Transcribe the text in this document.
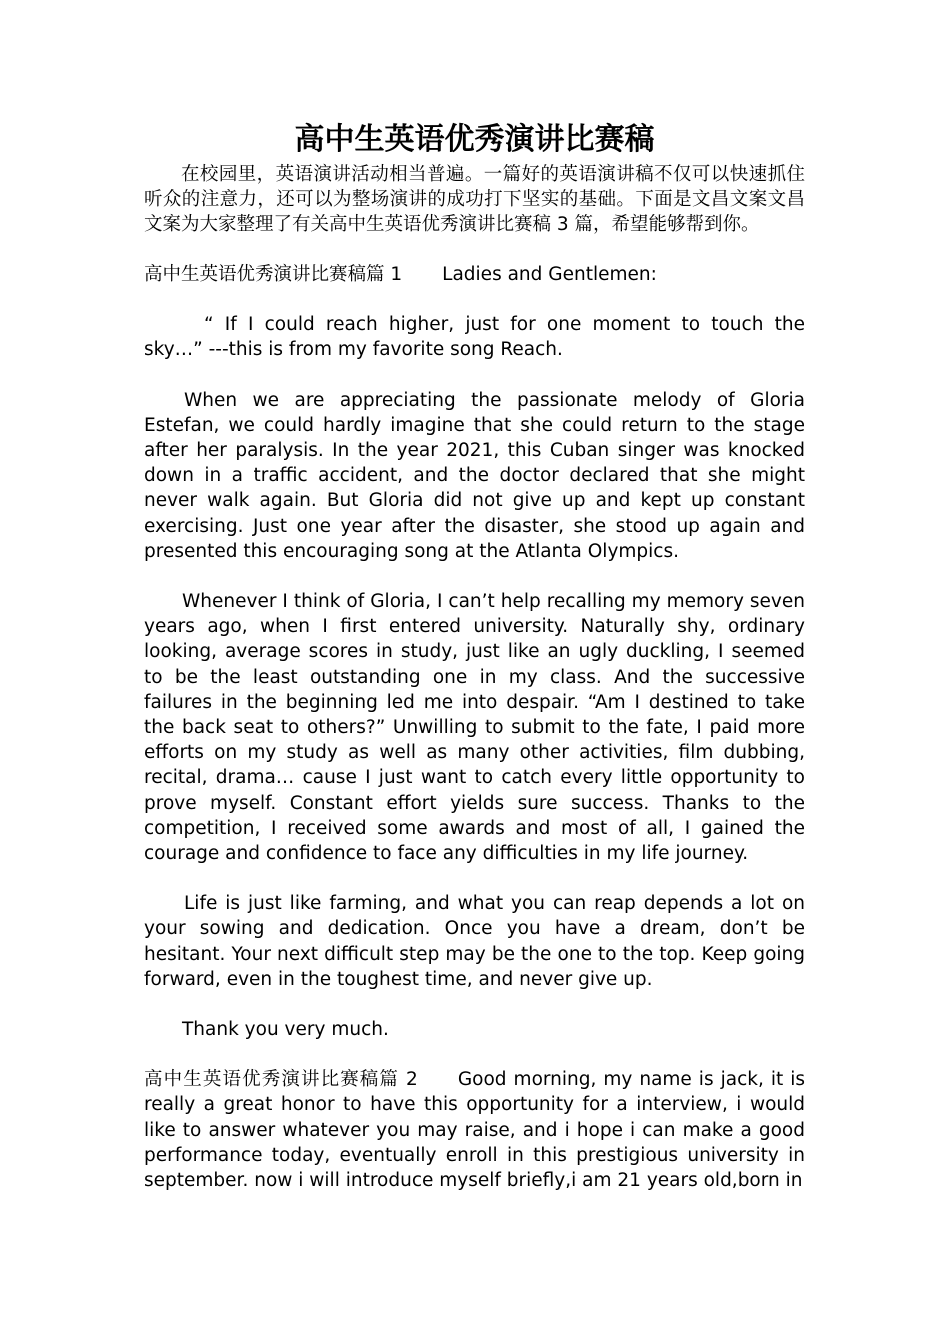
高中生英语优秀演讲比赛稿

在校园里，英语演讲活动相当普遍。一篇好的英语演讲稿不仅可以快速抓住听众的注意力，还可以为整场演讲的成功打下坚实的基础。下面是文昌文案文昌文案为大家整理了有关高中生英语优秀演讲比赛稿 3 篇，希望能够帮到你。

高中生英语优秀演讲比赛稿篇 1 Ladies and Gentlemen:

“ If I could reach higher, just for one moment to touch the sky…” ---this is from my favorite song Reach.

When we are appreciating the passionate melody of Gloria Estefan, we could hardly imagine that she could return to the stage after her paralysis. In the year 2021, this Cuban singer was knocked down in a traffic accident, and the doctor declared that she might never walk again. But Gloria did not give up and kept up constant exercising. Just one year after the disaster, she stood up again and presented this encouraging song at the Atlanta Olympics.

Whenever I think of Gloria, I can’t help recalling my memory seven years ago, when I first entered university. Naturally shy, ordinary looking, average scores in study, just like an ugly duckling, I seemed to be the least outstanding one in my class. And the successive failures in the beginning led me into despair. “Am I destined to take the back seat to others?” Unwilling to submit to the fate, I paid more efforts on my study as well as many other activities, film dubbing, recital, drama… cause I just want to catch every little opportunity to prove myself. Constant effort yields sure success. Thanks to the competition, I received some awards and most of all, I gained the courage and confidence to face any difficulties in my life journey.

Life is just like farming, and what you can reap depends a lot on your sowing and dedication. Once you have a dream, don’t be hesitant. Your next difficult step may be the one to the top. Keep going forward, even in the toughest time, and never give up.

Thank you very much.

高中生英语优秀演讲比赛稿篇 2 Good morning, my name is jack, it is really a great honor to have this opportunity for a interview, i would like to answer whatever you may raise, and i hope i can make a good performance today, eventually enroll in this prestigious university in september. now i will introduce myself briefly,i am 21 years old,born in
